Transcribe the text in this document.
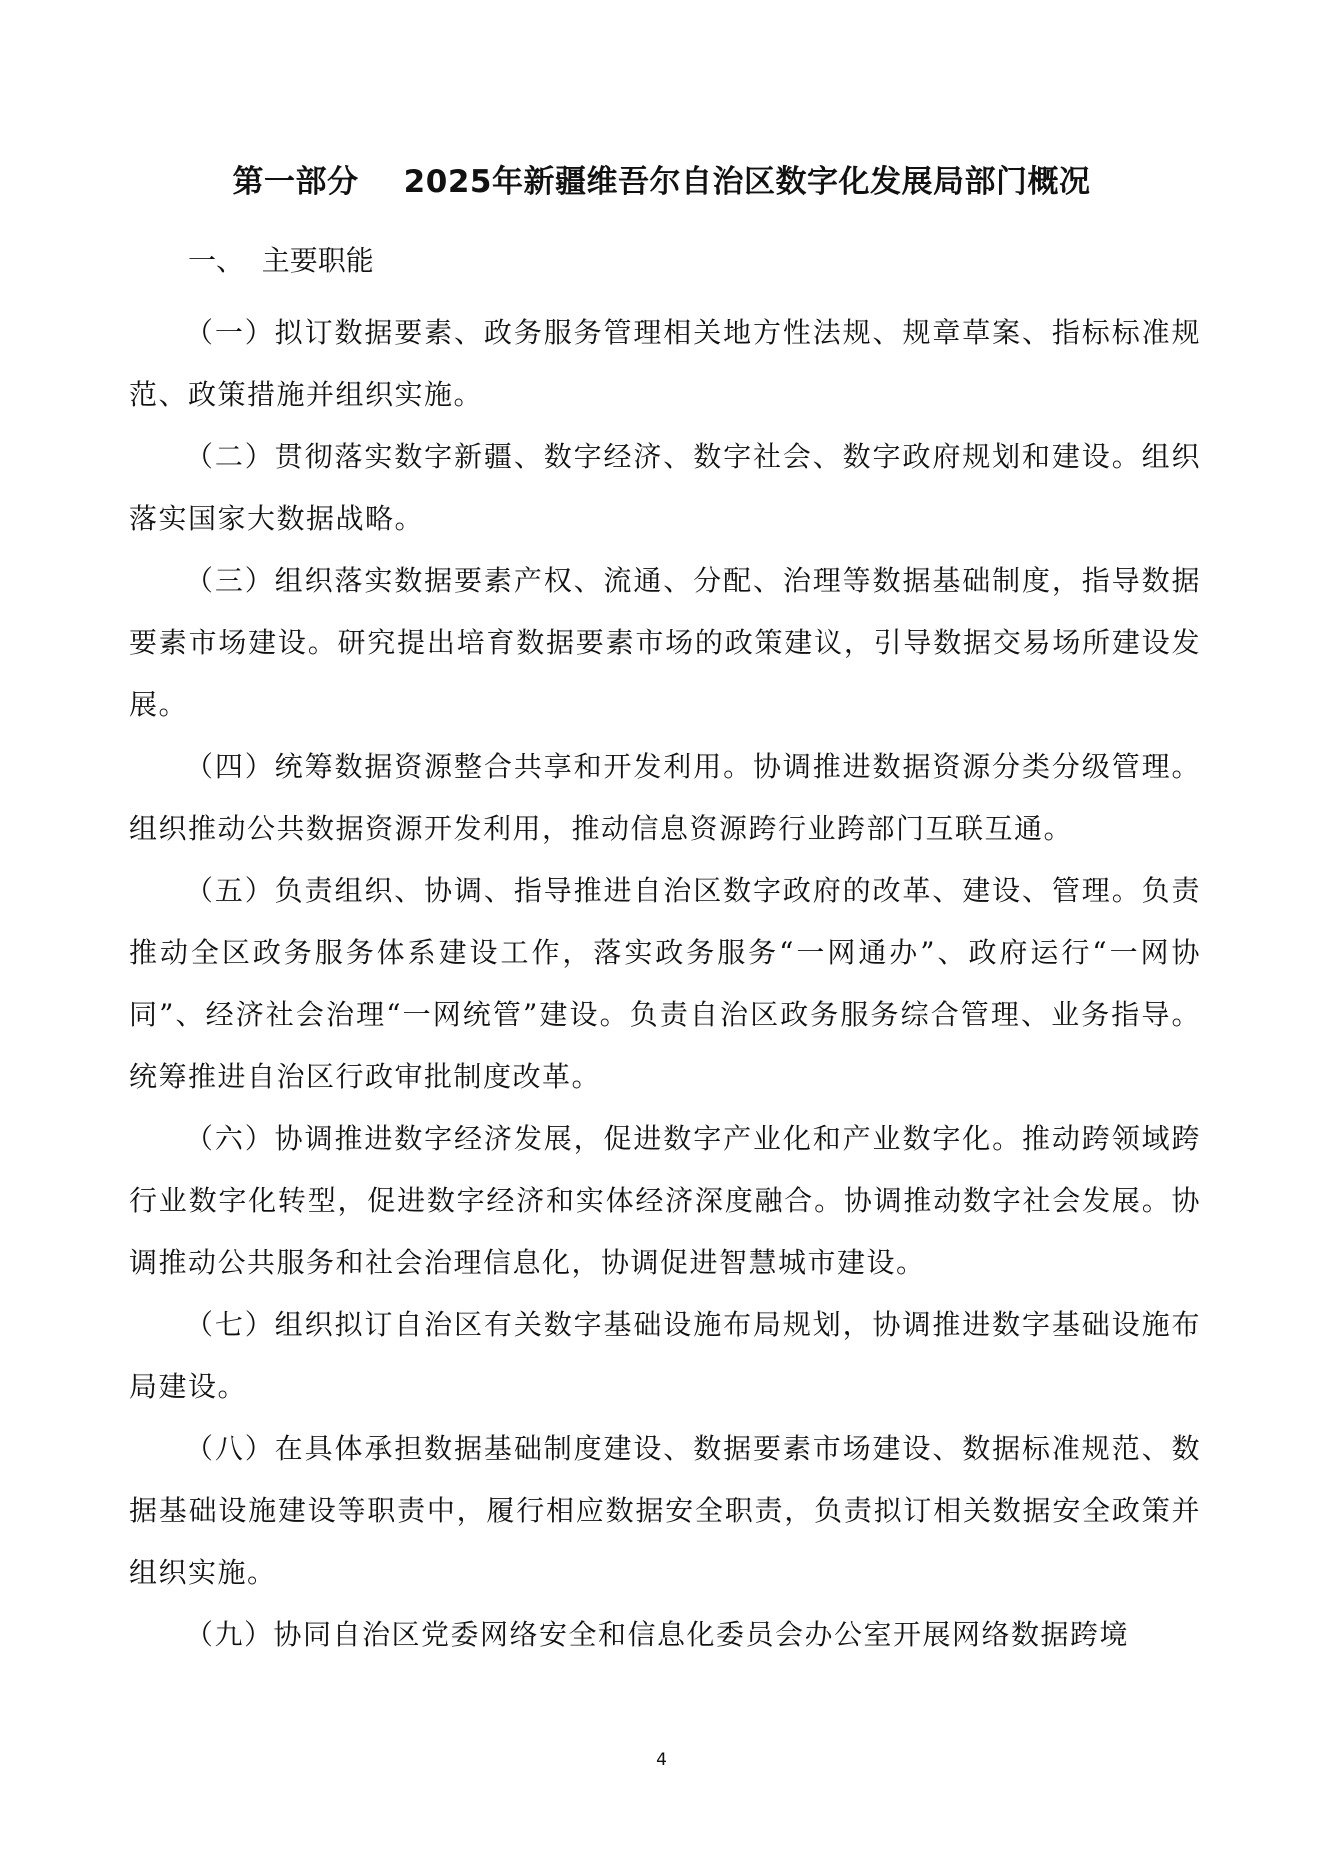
第一部分    2025年新疆维吾尔自治区数字化发展局部门概况
一、  主要职能

（一）拟订数据要素、政务服务管理相关地方性法规、规章草案、指标标准规范、政策措施并组织实施。

（二）贯彻落实数字新疆、数字经济、数字社会、数字政府规划和建设。组织落实国家大数据战略。

（三）组织落实数据要素产权、流通、分配、治理等数据基础制度，指导数据要素市场建设。研究提出培育数据要素市场的政策建议，引导数据交易场所建设发展。

（四）统筹数据资源整合共享和开发利用。协调推进数据资源分类分级管理。组织推动公共数据资源开发利用，推动信息资源跨行业跨部门互联互通。

（五）负责组织、协调、指导推进自治区数字政府的改革、建设、管理。负责推动全区政务服务体系建设工作，落实政务服务“一网通办”、政府运行“一网协同”、经济社会治理“一网统管”建设。负责自治区政务服务综合管理、业务指导。统筹推进自治区行政审批制度改革。

（六）协调推进数字经济发展，促进数字产业化和产业数字化。推动跨领域跨行业数字化转型，促进数字经济和实体经济深度融合。协调推动数字社会发展。协调推动公共服务和社会治理信息化，协调促进智慧城市建设。

（七）组织拟订自治区有关数字基础设施布局规划，协调推进数字基础设施布局建设。

（八）在具体承担数据基础制度建设、数据要素市场建设、数据标准规范、数据基础设施建设等职责中，履行相应数据安全职责，负责拟订相关数据安全政策并组织实施。

（九）协同自治区党委网络安全和信息化委员会办公室开展网络数据跨境

4
